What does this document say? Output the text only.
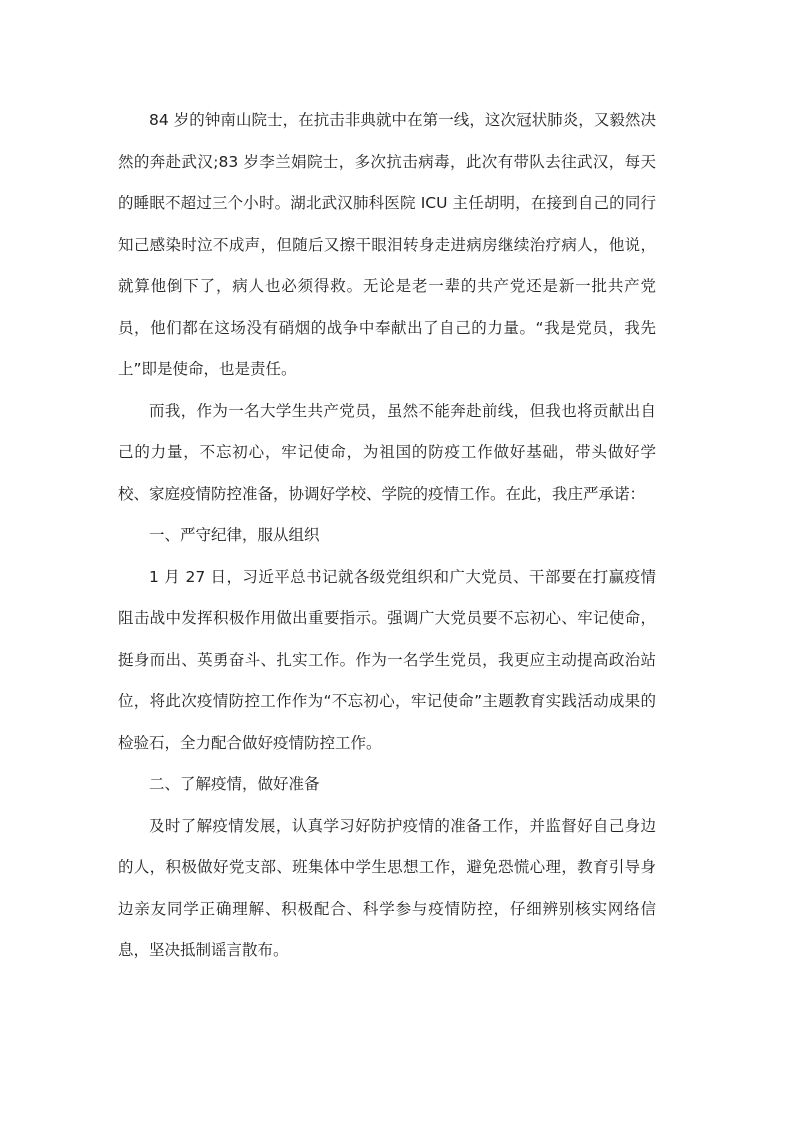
84 岁的钟南山院士，在抗击非典就中在第一线，这次冠状肺炎，又毅然决然的奔赴武汉;83 岁李兰娟院士，多次抗击病毒，此次有带队去往武汉，每天的睡眠不超过三个小时。湖北武汉肺科医院 ICU 主任胡明，在接到自己的同行知己感染时泣不成声，但随后又擦干眼泪转身走进病房继续治疗病人，他说，就算他倒下了，病人也必须得救。无论是老一辈的共产党还是新一批共产党员，他们都在这场没有硝烟的战争中奉献出了自己的力量。“我是党员，我先上”即是使命，也是责任。

而我，作为一名大学生共产党员，虽然不能奔赴前线，但我也将贡献出自己的力量，不忘初心，牢记使命，为祖国的防疫工作做好基础，带头做好学校、家庭疫情防控准备，协调好学校、学院的疫情工作。在此，我庄严承诺：

一、严守纪律，服从组织

1 月 27 日，习近平总书记就各级党组织和广大党员、干部要在打赢疫情阻击战中发挥积极作用做出重要指示。强调广大党员要不忘初心、牢记使命，挺身而出、英勇奋斗、扎实工作。作为一名学生党员，我更应主动提高政治站位，将此次疫情防控工作作为“不忘初心，牢记使命”主题教育实践活动成果的检验石，全力配合做好疫情防控工作。

二、了解疫情，做好准备

及时了解疫情发展，认真学习好防护疫情的准备工作，并监督好自己身边的人，积极做好党支部、班集体中学生思想工作，避免恐慌心理，教育引导身边亲友同学正确理解、积极配合、科学参与疫情防控，仔细辨别核实网络信息，坚决抵制谣言散布。
